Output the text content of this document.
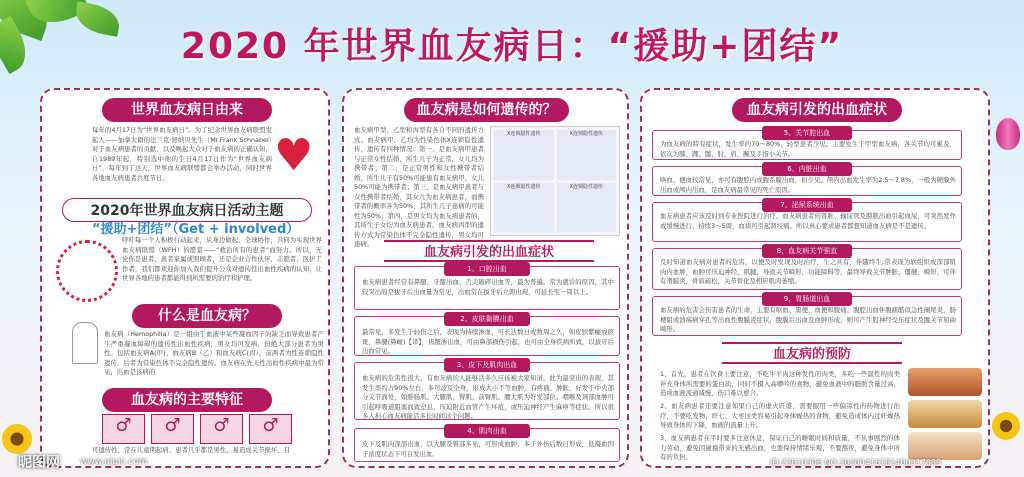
2020 年世界血友病日：“援助+团结”
世界血友病日由来
每年的4月17日为“世界血友病日”。为了纪念世界血友病联盟发起人——加拿大籍的法兰克·舒纳贝先生（Mr.Frank Schnabel）对于血友病患者的贡献，以及唤起大众对于血友病的正确认知，自1989年起，特别选中他的生日4月17日作为“世界血友病日”，每年到了这天，世界血友病联盟都会举办活动，同时世界各地血友病患者共度节日。	♥
2020年世界血友病日活动主题
“援助+团结”（Get + involved）
呼吁每一个人积极行动起来，从身边做起，全球协作，共同为实现世界血友病联盟（WFH）的愿景——“救治所有的患者”而努力。所以，无论你是患者、患者家属或照顾者，还是企业合作伙伴、志愿者、医护工作者，我们都欢迎你加入我们提升公众对遗传性出血性疾病的认知，让世界各地的患者都能得到所需要的治疗和护理。
什么是血友病？
血友病（Hemophilia）是一组由于血液中某些凝血因子的缺乏而导致患者产生严重凝血障碍的遗传性出血性疾病，男女均可发病，但绝大部分患者为男性。包括血友病A(甲)、血友病B（乙）和血友病C(丙），前两者为性连锁隐性遗传，后者为常染色体不完全隐性遗传。血友病在先天性出血性疾病中最为常见，出血是该病的
血友病的主要特征
♂	♂	♂	♂
可遗传性、常在儿童期起病、患者几乎都是男性、易造成关节损坏、目
血友病是如何遗传的？
血友病甲型、乙型和丙型有各自不同的遗传方式。血友病甲、乙均为性染色体X连锁隐性遗传，遗传有四种情况：第一，是血友病甲患者与正常女性结婚，所生儿子为正常，女儿均为携带者；第二，是正常男性和女性携带者结婚，所生儿子有50%可能患有血友病甲，女儿50%可能为携带者；第三，是血友病甲患者与女性携带者结婚，其女儿为血友病患者，而携带者的概率各为50%，其所生儿子患病的可能性为50%；第四，是男女均为血友病患者的，其所生子女均为血友病患者。血友病丙型的遗传方式为常染色体不完全隐性遗传，男女均可患病。
X连锁隐性遗传	X连锁隐性遗传
X连锁隐性遗传	X连锁隐性遗传
血友病引发的出血症状
1、口腔出血
血友病患者经常有鼻腿、牙龈出血、舌尖破碎出血等，最为普遍。常为就诊的原因，其中较突出的是拔牙后出血量为常见，出血常在拔牙后立即出现，可延长至一周以上。
2、皮肤黏膜出血
最常见，多发生于轻伤之后，表现为持续渗血，可长达数日或数周之久，如皮肤紫癜或瘀斑、鼻腿(鼻衄)【译】，齿龈渗出血，可由鼻部损伤引起，也可由全身疾病所致，以拔牙后出血常见。
3、皮下及肌肉出血
血友病的危害性很大，有血友病的人能够活多久应该被大家知道，此为最突出的表现，其发生率约占90%左右，多可波及全身，形成大小不等血肿，有疼痛、肿胀，好发于中央部分关节面处，如腓肠肌、大腿肌、臀肌、前臂肌、腰大肌为好发部位。咽喉及颈部血肿可引起呼吸道阻塞而致窒息，压迫附近血管产生坏疽，或压迫神经产生麻痹等症状。所以很多人担心血友病能活多长时间这个问题。
4、肌肉出血
皮下及肌肉深部出血，以大腿及臀部多见，可形成血肿，多于外伤后数日形成，低凝血因子浓度状态下可自发出血。
血友病引发的出血症状
5、关节腔出血
为血友病的特有症状，发生率约70～80%，轻型患者少见。主要发生于甲型血友病，各关节均可累及，依次为膝、踝、髋、肘、肩、腕及手指小关节。
6、内脏出血
咯血、便血较常见，亦可有腹腔内或腹系膜出血，但少见。颅内出血发生率为2.5～7.8%，一般为硬膜外出血或颅内出血，是血友病最常见的死亡原因。
7、泌尿系统出血
血友病患者应该及时到专业医院进行治疗，血友病患者的肾脏、输尿管及膀胱出血引起血尿，可突然发作或缓慢进行，持续3～5周，血块可引起肾绞痛。所以真心要求患者都想知道血友病是不是遗传。
8、血友病关节强直
及时知道血友病对患者的危害，以便及时发现及时治疗，生之具有，伴随终生;常表现为软组织或深部肌肉内血肿，血肿可压迫神经、肌腱，导致关节畸形，功能障碍等，最终导致关节肿胀、僵硬、畸形，可伴有滑膜炎、骨质疏松、关节骨化及相应肌肉萎缩。
9、胃肠道出血
血友病的危害会伤害患者的生命，主要有呕血、黑便、血便和腹痛。腹腔出血伴腹痛酷似急性阑尾炎，肠梗阻或溃疡病穿孔等出血性腹膜炎症状，腹膜后出血及血肿形成，则可产生股神经受压症状及髋关节屈曲畸形。
血友病的预防
1、首先，患者在饮食上要注意，不吃牛羊肉这种发性的肉类，多吃一些温性的肉类补充身体所需要的蛋白质，同时不摄入高嘌呤的食物，避免血液中的脂肪含量过高，造成血液流通减慢，伤口难以愈合。
2、血友病患者还要注意如果自己的虚火旺盛，需要服用一些偏凉性的药物进行治疗，不要吃发物，旺七，大枣这类容易引起身体燥热的食物，避免造成体内过旺燥热导致身体的下降，血液的流量上升。
3、血友病患者在平时要多注意休息，保证自己的睡眠时间和质量，不从事剧烈的体力劳动，避免因碰撞带来的无感出血，也要保持情绪乐观，不要熬夜，避免身体中所有的负担。
昵图网 www.nipic.com	ID:23810306 NO:20200416181400317089
